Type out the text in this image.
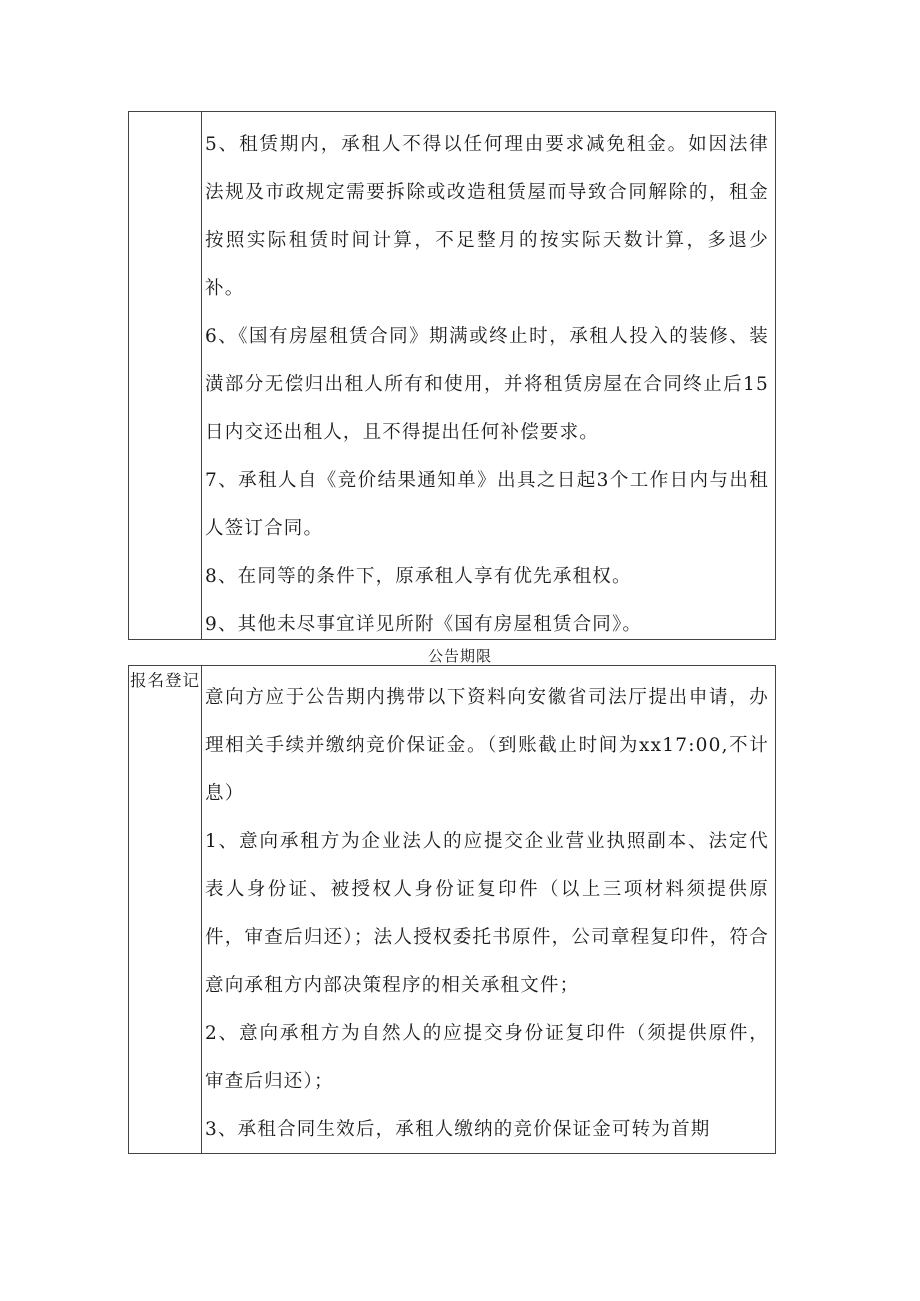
5、租赁期内，承租人不得以任何理由要求减免租金。如因法律法规及市政规定需要拆除或改造租赁屋而导致合同解除的，租金按照实际租赁时间计算，不足整月的按实际天数计算，多退少补。

6、《国有房屋租赁合同》期满或终止时，承租人投入的装修、装潢部分无偿归出租人所有和使用，并将租赁房屋在合同终止后15日内交还出租人，且不得提出任何补偿要求。

7、承租人自《竞价结果通知单》出具之日起3个工作日内与出租人签订合同。

8、在同等的条件下，原承租人享有优先承租权。

9、其他未尽事宜详见所附《国有房屋租赁合同》。

公告期限
报名登记

意向方应于公告期内携带以下资料向安徽省司法厅提出申请，办理相关手续并缴纳竞价保证金。（到账截止时间为xx17:00,不计息）

1、意向承租方为企业法人的应提交企业营业执照副本、法定代表人身份证、被授权人身份证复印件（以上三项材料须提供原件，审查后归还）；法人授权委托书原件，公司章程复印件，符合意向承租方内部决策程序的相关承租文件；

2、意向承租方为自然人的应提交身份证复印件（须提供原件，审查后归还）；

3、承租合同生效后，承租人缴纳的竞价保证金可转为首期
